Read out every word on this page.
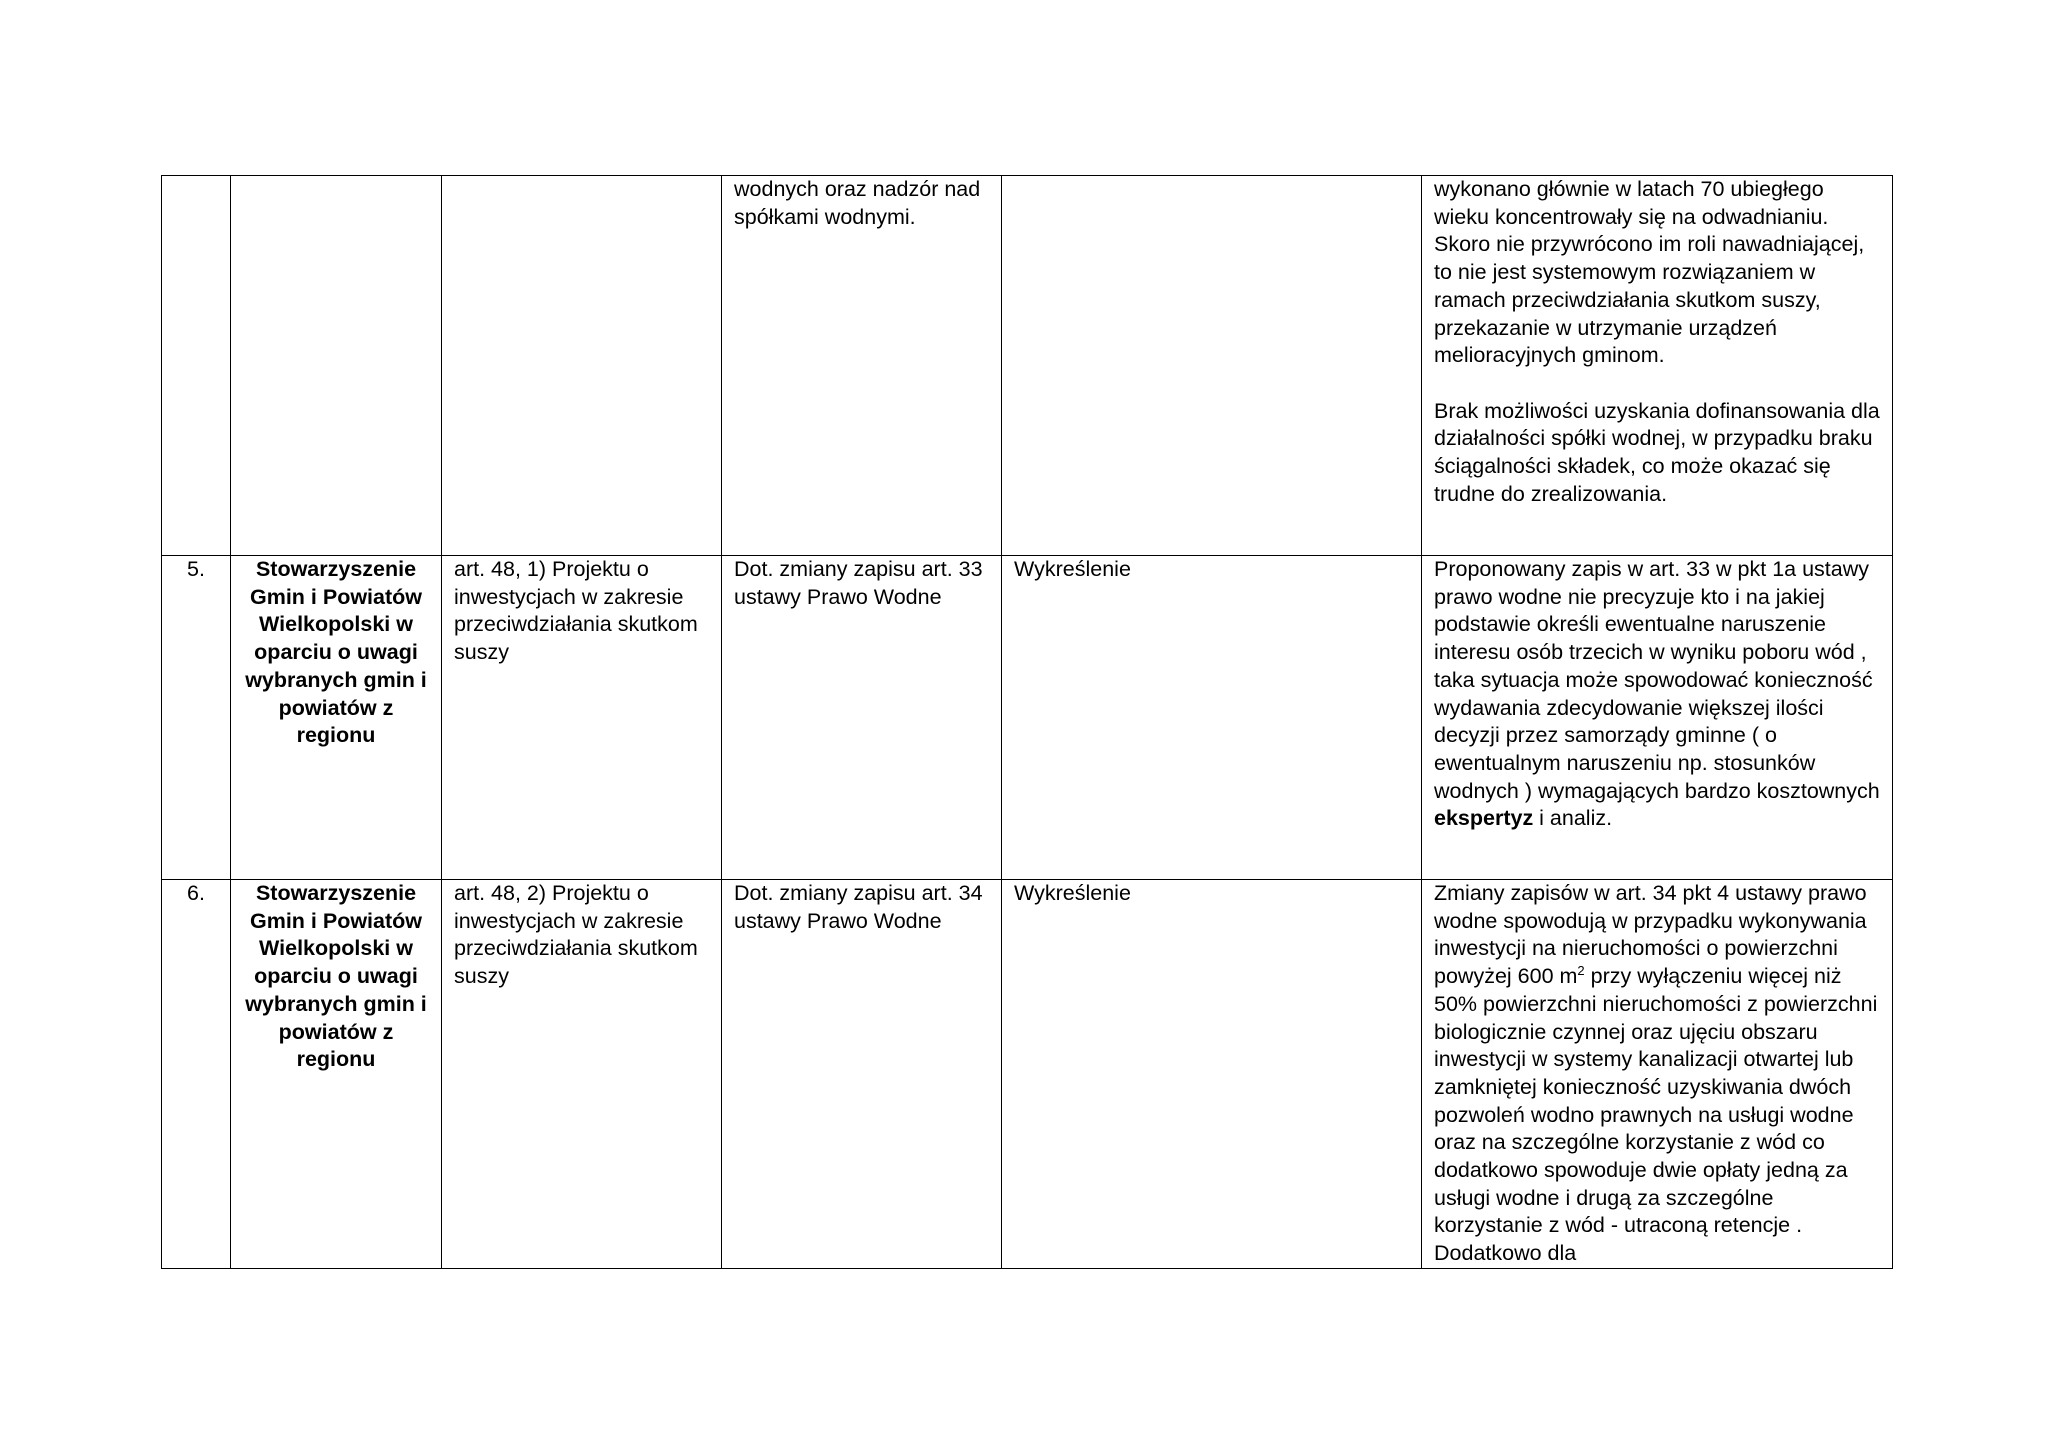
			wodnych oraz nadzór nad spółkami wodnymi.		wykonano głównie w latach 70 ubiegłego wieku koncentrowały się na odwadnianiu. Skoro nie przywrócono im roli nawadniającej, to nie jest systemowym rozwiązaniem w ramach przeciwdziałania skutkom suszy, przekazanie w utrzymanie urządzeń melioracyjnych gminom.
Brak możliwości uzyskania dofinansowania dla działalności spółki wodnej, w przypadku braku ściągalności składek, co może okazać się trudne do zrealizowania.

5.	Stowarzyszenie Gmin i Powiatów Wielkopolski w oparciu o uwagi wybranych gmin i powiatów z regionu	art. 48, 1) Projektu o inwestycjach w zakresie przeciwdziałania skutkom suszy	Dot. zmiany zapisu art. 33 ustawy Prawo Wodne	Wykreślenie	Proponowany zapis w art. 33 w pkt 1a ustawy prawo wodne nie precyzuje kto i na jakiej podstawie określi ewentualne naruszenie interesu osób trzecich w wyniku poboru wód , taka sytuacja może spowodować konieczność wydawania zdecydowanie większej ilości decyzji przez samorządy gminne ( o ewentualnym naruszeniu np. stosunków wodnych ) wymagających bardzo kosztownych ekspertyz i analiz.

6.	Stowarzyszenie Gmin i Powiatów Wielkopolski w oparciu o uwagi wybranych gmin i powiatów z regionu	art. 48, 2) Projektu o inwestycjach w zakresie przeciwdziałania skutkom suszy	Dot. zmiany zapisu art. 34 ustawy Prawo Wodne	Wykreślenie	Zmiany zapisów w art. 34 pkt 4 ustawy prawo wodne spowodują w przypadku wykonywania inwestycji na nieruchomości o powierzchni powyżej 600 $m^2$ przy wyłączeniu więcej niż 50% powierzchni nieruchomości z powierzchni biologicznie czynnej oraz ujęciu obszaru inwestycji w systemy kanalizacji otwartej lub zamkniętej konieczność uzyskiwania dwóch pozwoleń wodno prawnych na usługi wodne oraz na szczególne korzystanie z wód co dodatkowo spowoduje dwie opłaty jedną za usługi wodne i drugą za szczególne korzystanie z wód - utraconą retencje . Dodatkowo dla
